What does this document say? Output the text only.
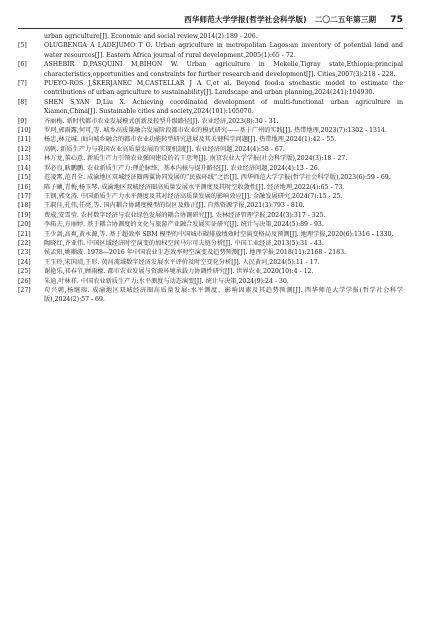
西华师范大学学报(哲学社会科学版) 二〇二五年第三期 75
urban agriculture[J]. Economic and social review,2014(2):189 - 206.
[5]	OLUGBENGA A I,ADEJUMO T O. Urban agriculture in metropolitan Lagos:an inventory of potential land and water resources[J]. Eastern Africa journal of rural development,2005(1):65 - 72.
[6]	ASHEBIR D,PASQUINI M,BIHON W. Urban agriculture in Mekelle,Tigray state,Ethiopia:principal characteristics,opportunities and constraints for further research and development[J]. Cities,2007(3):218 - 228.
[7]	PUEYO-ROS J,ŠKERJANEC M,CASTELLAR J A C,et al. Beyond food:a stochastic model to estimate the contributions of urban agriculture to sustainability[J]. Landscape and urban planning,2024(241):104930.
[8]	SHEN S,YAN D,Liu X. Achieving coordinated development of multi-functional urban agriculture in Xiamen,China[J]. Sustainable cities and society,2024(101):105070.
[9]	齐丽梅. 新时代都市农业发展模式创新及转型升级路径[J]. 农业经济,2023(8):30 - 31.
[10]	罗珂,郭雨露,何可,等. 城乡高质量融合发展阶段都市农业的模式研究——基于广州的实践[J]. 热带地理,2023(7):1302 - 1314.
[11]	杨忠,林元城. 面向城乡融合的都市农业功能转型研究进展及其关键科学问题[J]. 热带地理,2024(1):42 - 55.
[12]	高帆. 新质生产力与我国农业高质量发展的实现机制[J]. 农业经济问题,2024(4):58 - 67.
[13]	林万龙,董心意. 新质生产力引领农业强国建设的若干思考[J]. 南京农业大学学报(社会科学版),2024(3):18 - 27.
[14]	罗必良,耿鹏鹏. 农业新质生产力:理论脉络、基本内核与提升路径[J]. 农业经济问题,2024(4):13 - 26.
[15]	范凌霄,范召全. 成渝地区双城经济圈两翼协同发展的“民族环线”之治[J]. 西华师范大学学报(哲学社会科学版),2023(6):59 - 69.
[16]	陈子曦,青梅,杨玉琴. 成渝地区双城经济圈高质量发展水平测度及其时空收敛性[J]. 经济地理,2022(4):65 - 73.
[17]	王钢,郭文涛. 中国新质生产力水平测度及其对经济高质量发展的影响效应[J]. 金融发展研究,2024(7):15 - 25.
[18]	王淑佳,孔伟,任亮,等. 国内耦合协调度模型的误区及修正[J]. 自然资源学报,2021(3):793 - 810.
[19]	费威,安雪莹. 农村数字经济与农业绿色发展的耦合协调研究[J]. 农林经济管理学报,2024(3):317 - 325.
[20]	李拓夫,方丽婷. 基于耦合协调度的文化与旅游产业融合发展实证研究[J]. 统计与决策,2024(5):89 - 93.
[21]	王少剑,高爽,黄永源,等. 基于超效率 SBM 模型的中国城市碳排放绩效时空演变格局及预测[J]. 地理学报,2020(6):1316 - 1330.
[22]	陶晓红,齐亚伟. 中国区域经济时空演变的加权空间马尔可夫链分析[J]. 中国工业经济,2013(5):31 - 43.
[23]	侯孟阳,姚顺波. 1978—2016 年中国农业生态效率时空演变及趋势预测[J]. 地理学报,2018(11):2168 - 2183.
[24]	王玉玲,宋国靖,王形. 黄河流域数字经济发展水平评价及时空变化分析[J]. 人民黄河,2024(5):11 - 17.
[25]	谢艳乐,祁春节,顾雨檬. 都市农业发展与资源环境承载力协调性研究[J]. 世界农业,2020(10):4 - 12.
[26]	朱迪,叶林祥. 中国农业新质生产力:水平测度与动态演变[J]. 统计与决策,2024(9):24 - 30.
[27]	苟兴朝,杨继瑞. 成渝地区双城经济圈高质量发展:水平测度、影响因素及其趋势预测[J]. 西华师范大学学报(哲学社会科学版),2024(2):57 - 69.
